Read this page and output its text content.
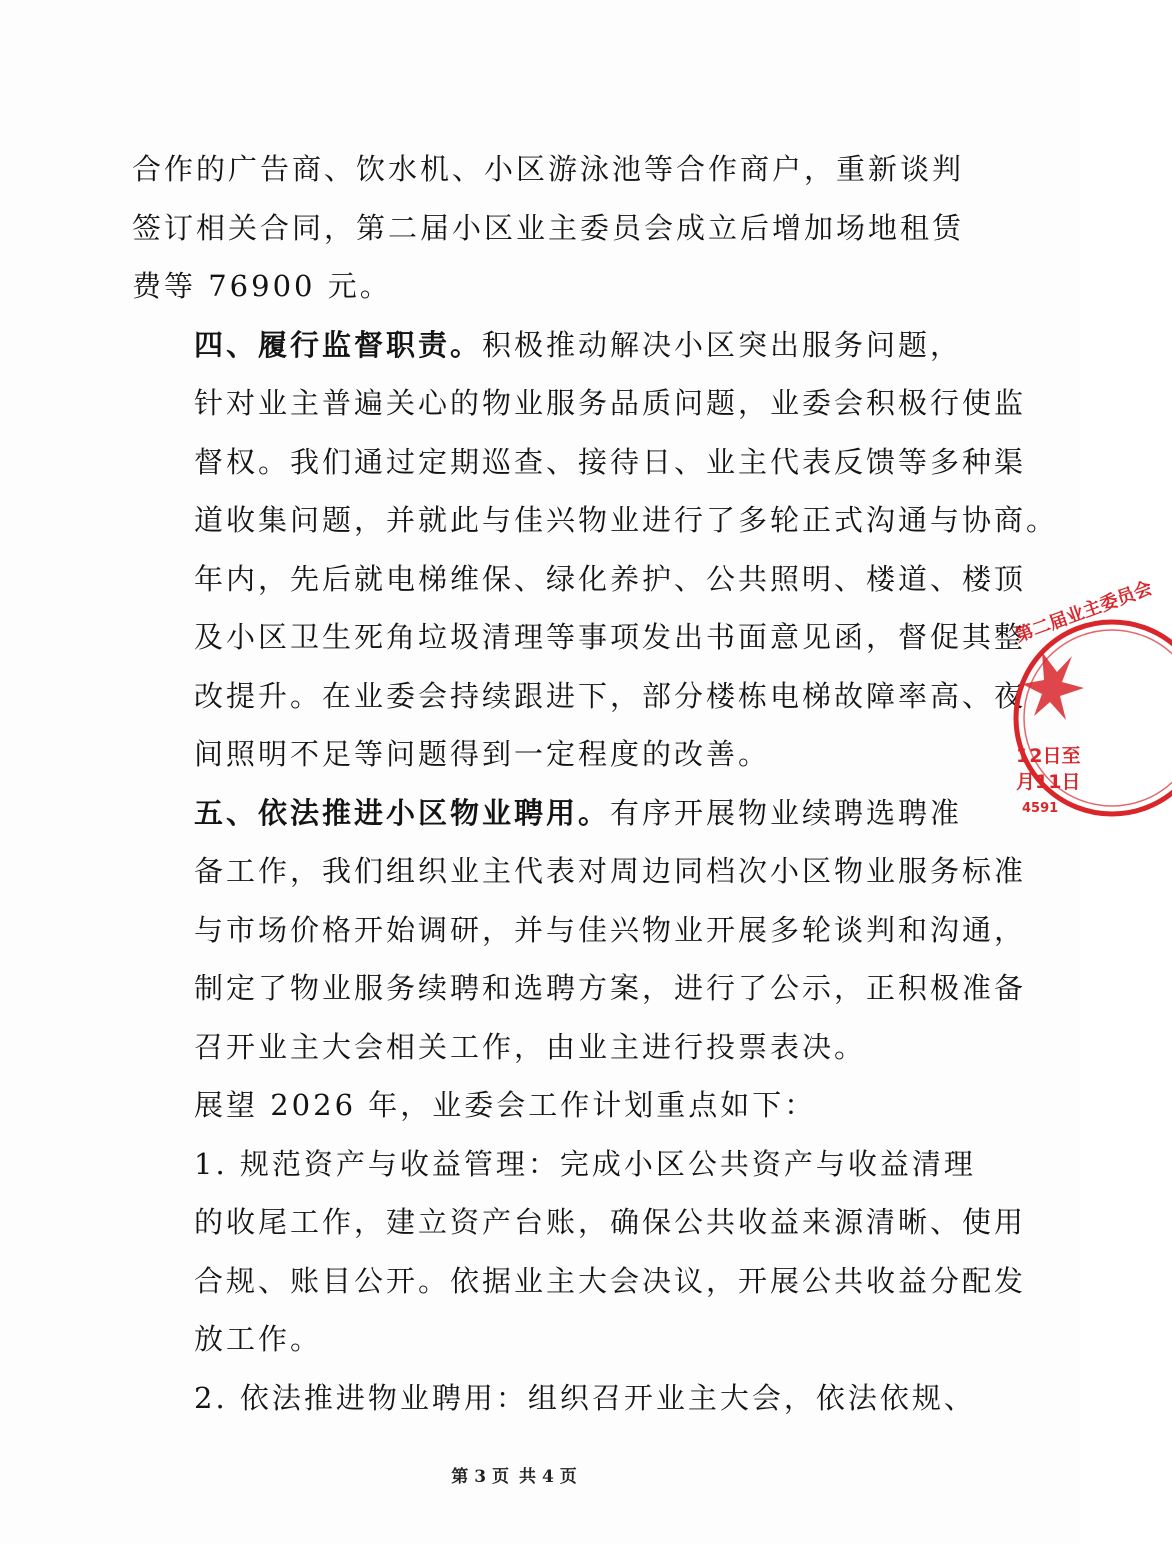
合作的广告商、饮水机、小区游泳池等合作商户，重新谈判
签订相关合同，第二届小区业主委员会成立后增加场地租赁
费等 76900 元。

四、履行监督职责。积极推动解决小区突出服务问题，
针对业主普遍关心的物业服务品质问题，业委会积极行使监
督权。我们通过定期巡查、接待日、业主代表反馈等多种渠
道收集问题，并就此与佳兴物业进行了多轮正式沟通与协商。
年内，先后就电梯维保、绿化养护、公共照明、楼道、楼顶
及小区卫生死角垃圾清理等事项发出书面意见函，督促其整
改提升。在业委会持续跟进下，部分楼栋电梯故障率高、夜
间照明不足等问题得到一定程度的改善。

五、依法推进小区物业聘用。有序开展物业续聘选聘准
备工作，我们组织业主代表对周边同档次小区物业服务标准
与市场价格开始调研，并与佳兴物业开展多轮谈判和沟通，
制定了物业服务续聘和选聘方案，进行了公示，正积极准备
召开业主大会相关工作，由业主进行投票表决。

展望 2026 年，业委会工作计划重点如下：

1. 规范资产与收益管理：完成小区公共资产与收益清理
的收尾工作，建立资产台账，确保公共收益来源清晰、使用
合规、账目公开。依据业主大会决议，开展公共收益分配发
放工作。

2. 依法推进物业聘用：组织召开业主大会，依法依规、

第二届业主委员会
12日至
月11日
4591
第 3 页 共 4 页
